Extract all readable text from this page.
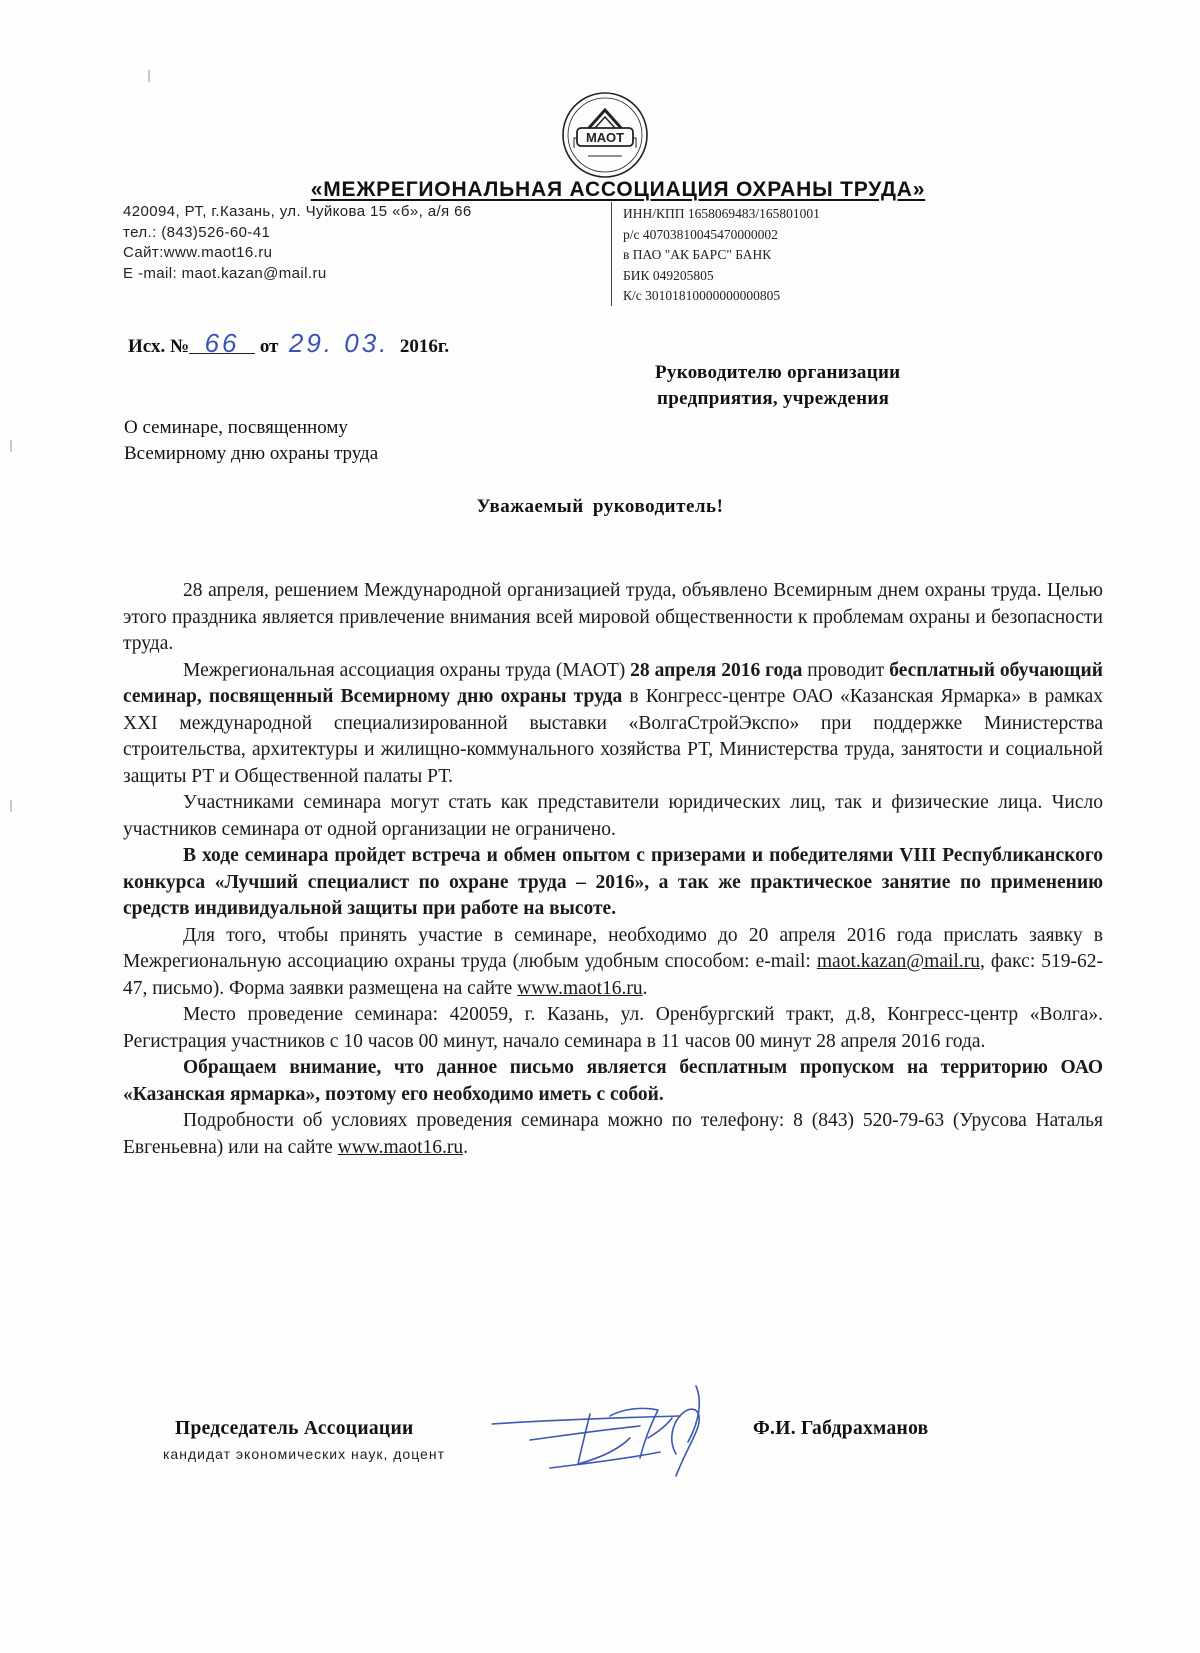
МАОТ
«МЕЖРЕГИОНАЛЬНАЯ АССОЦИАЦИЯ ОХРАНЫ ТРУДА»
420094, РТ, г.Казань, ул. Чуйкова 15 «б», а/я 66
тел.: (843)526-60-41
Сайт:www.maot16.ru
E -mail: maot.kazan@mail.ru
ИНН/КПП 1658069483/165801001
р/с 40703810045470000002
в ПАО "АК БАРС" БАНК
БИК 049205805
К/с 30101810000000000805
Исх. № 66 от 29. 03. 2016г.
Руководителю организации
предприятия, учреждения
О семинаре, посвященному
Всемирному дню охраны труда
Уважаемый руководитель!

28 апреля, решением Международной организацией труда, объявлено Всемирным днем охраны труда. Целью этого праздника является привлечение внимания всей мировой общественности к проблемам охраны и безопасности труда.

Межрегиональная ассоциация охраны труда (МАОТ) 28 апреля 2016 года проводит бесплатный обучающий семинар, посвященный Всемирному дню охраны труда в Конгресс-центре ОАО «Казанская Ярмарка» в рамках XXI международной специализированной выставки «ВолгаСтройЭкспо» при поддержке Министерства строительства, архитектуры и жилищно-коммунального хозяйства РТ, Министерства труда, занятости и социальной защиты РТ и Общественной палаты РТ.

Участниками семинара могут стать как представители юридических лиц, так и физические лица. Число участников семинара от одной организации не ограничено.

В ходе семинара пройдет встреча и обмен опытом с призерами и победителями VIII Республиканского конкурса «Лучший специалист по охране труда – 2016», а так же практическое занятие по применению средств индивидуальной защиты при работе на высоте.

Для того, чтобы принять участие в семинаре, необходимо до 20 апреля 2016 года прислать заявку в Межрегиональную ассоциацию охраны труда (любым удобным способом: e-mail: maot.kazan@mail.ru, факс: 519-62-47, письмо). Форма заявки размещена на сайте www.maot16.ru.

Место проведение семинара: 420059, г. Казань, ул. Оренбургский тракт, д.8, Конгресс-центр «Волга». Регистрация участников с 10 часов 00 минут, начало семинара в 11 часов 00 минут 28 апреля 2016 года.

Обращаем внимание, что данное письмо является бесплатным пропуском на территорию ОАО «Казанская ярмарка», поэтому его необходимо иметь с собой.

Подробности об условиях проведения семинара можно по телефону: 8 (843) 520-79-63 (Урусова Наталья Евгеньевна) или на сайте www.maot16.ru.

Председатель Ассоциации
кандидат экономических наук, доцент
Ф.И. Габдрахманов
